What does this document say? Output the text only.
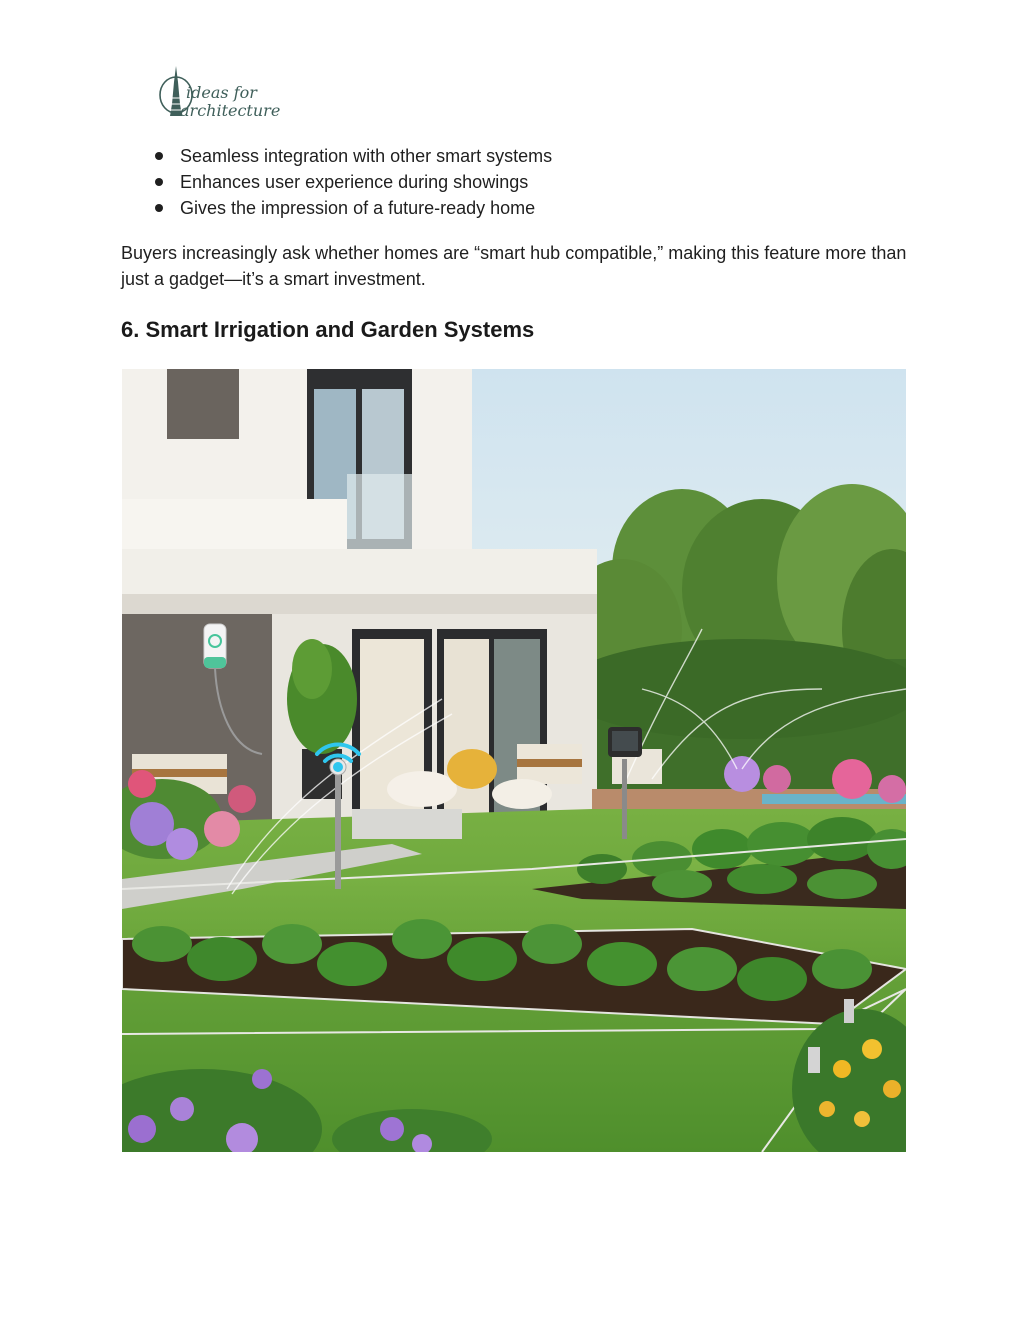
ideas for
architecture
Seamless integration with other smart systems
Enhances user experience during showings
Gives the impression of a future-ready home

Buyers increasingly ask whether homes are “smart hub compatible,” making this feature more than just a gadget—it’s a smart investment.

6. Smart Irrigation and Garden Systems
